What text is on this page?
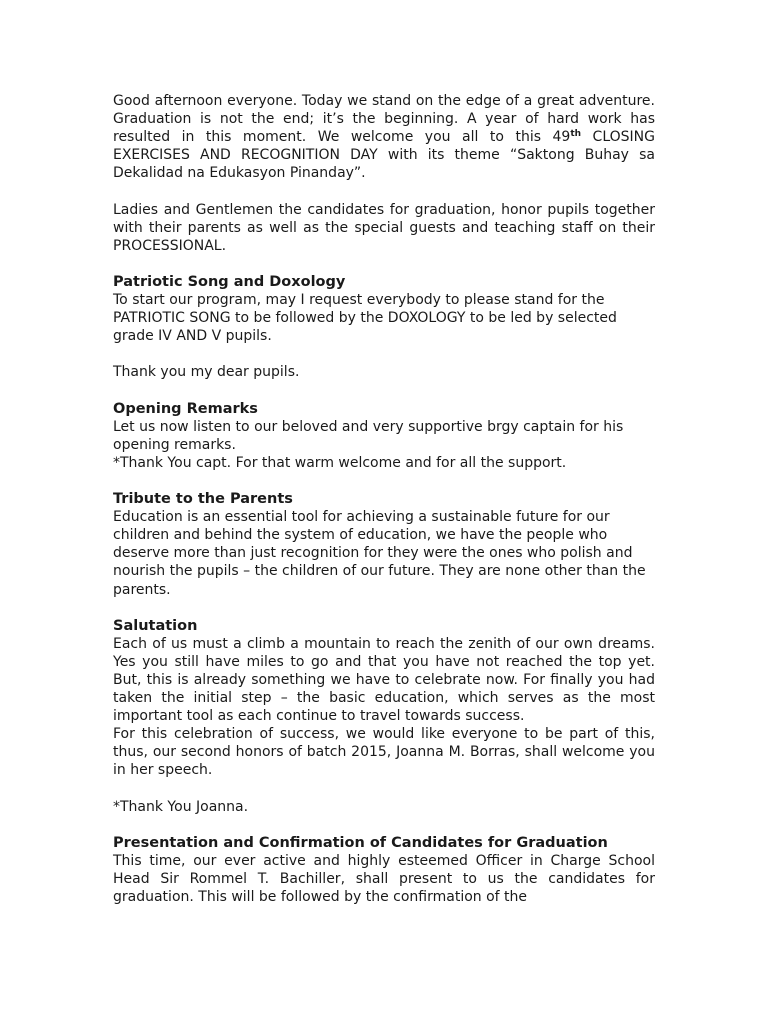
Good afternoon everyone. Today we stand on the edge of a great adventure. Graduation is not the end; it’s the beginning. A year of hard work has resulted in this moment. We welcome you all to this 49th CLOSING EXERCISES AND RECOGNITION DAY with its theme “Saktong Buhay sa Dekalidad na Edukasyon Pinanday”.

Ladies and Gentlemen the candidates for graduation, honor pupils together with their parents as well as the special guests and teaching staff on their PROCESSIONAL.

Patriotic Song and Doxology

To start our program, may I request everybody to please stand for the PATRIOTIC SONG to be followed by the DOXOLOGY to be led by selected grade IV AND V pupils.

Thank you my dear pupils.

Opening Remarks

Let us now listen to our beloved and very supportive brgy captain for his opening remarks.

*Thank You capt. For that warm welcome and for all the support.

Tribute to the Parents

Education is an essential tool for achieving a sustainable future for our children and behind the system of education, we have the people who deserve more than just recognition for they were the ones who polish and nourish the pupils – the children of our future. They are none other than the parents.

Salutation

Each of us must a climb a mountain to reach the zenith of our own dreams. Yes you still have miles to go and that you have not reached the top yet. But, this is already something we have to celebrate now. For finally you had taken the initial step – the basic education, which serves as the most important tool as each continue to travel towards success.

For this celebration of success, we would like everyone to be part of this, thus, our second honors of batch 2015, Joanna M. Borras, shall welcome you in her speech.

*Thank You Joanna.

Presentation and Confirmation of Candidates for Graduation

This time, our ever active and highly esteemed Officer in Charge School Head Sir Rommel T. Bachiller, shall present to us the candidates for graduation. This will be followed by the confirmation of the
